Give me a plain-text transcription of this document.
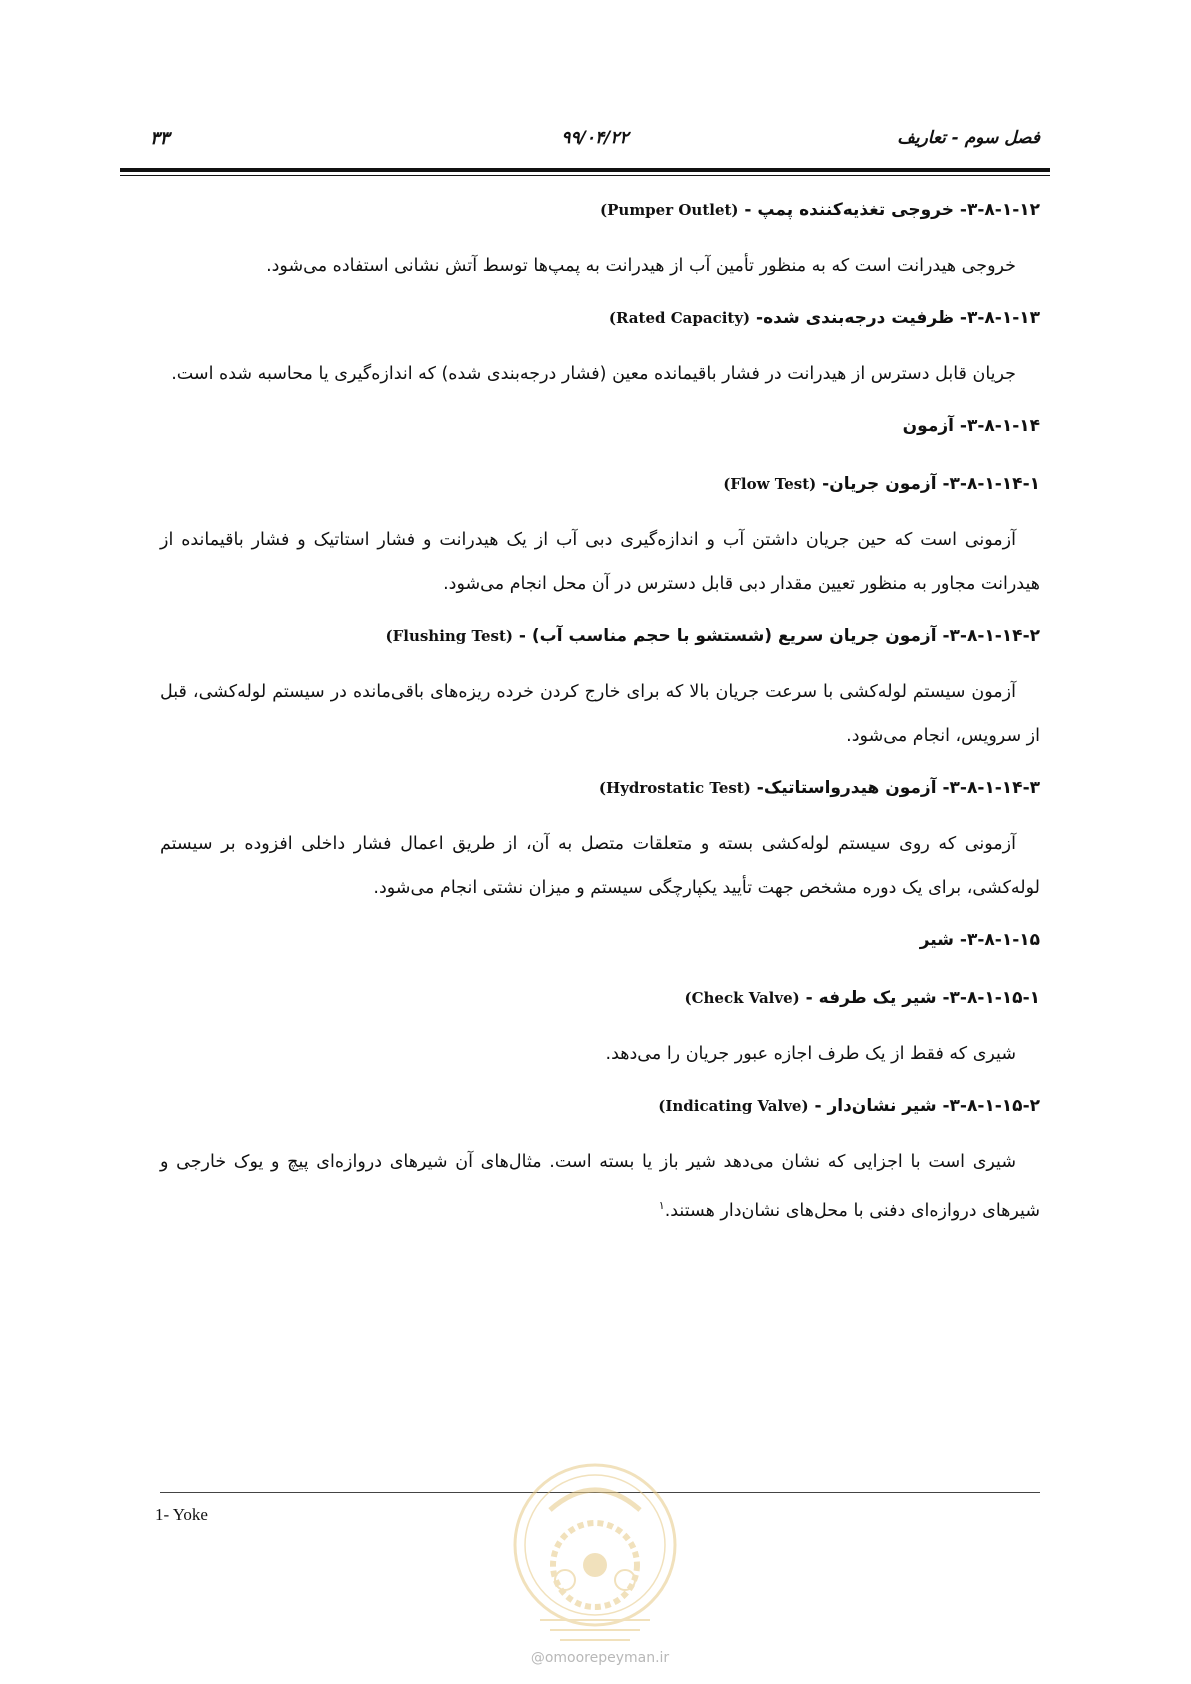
فصل سوم - تعاریف
۹۹/۰۴/۲۲
۳۳
۳-۸-۱-۱۲- خروجی تغذیه‌کننده پمپ - (Pumper Outlet)
خروجی هیدرانت است که به منظور تأمین آب از هیدرانت به پمپ‌ها توسط آتش نشانی استفاده می‌شود.
۳-۸-۱-۱۳- ظرفیت درجه‌بندی شده- (Rated Capacity)
جریان قابل دسترس از هیدرانت در فشار باقیمانده معین (فشار درجه‌بندی شده) که اندازه‌گیری یا محاسبه شده است.
۳-۸-۱-۱۴- آزمون
۳-۸-۱-۱۴-۱- آزمون جریان- (Flow Test)
آزمونی است که حین جریان داشتن آب و اندازه‌گیری دبی آب از یک هیدرانت و فشار استاتیک و فشار باقیمانده از هیدرانت مجاور به منظور تعیین مقدار دبی قابل دسترس در آن محل انجام می‌شود.
۳-۸-۱-۱۴-۲- آزمون جریان سریع (شستشو با حجم مناسب آب) - (Flushing Test)
آزمون سیستم لوله‌کشی با سرعت جریان بالا که برای خارج کردن خرده ریزه‌های باقی‌مانده در سیستم لوله‌کشی، قبل از سرویس، انجام می‌شود.
۳-۸-۱-۱۴-۳- آزمون هیدرواستاتیک- (Hydrostatic Test)
آزمونی که روی سیستم لوله‌کشی بسته و متعلقات متصل به آن، از طریق اعمال فشار داخلی افزوده بر سیستم لوله‌کشی، برای یک دوره مشخص جهت تأیید یکپارچگی سیستم و میزان نشتی انجام می‌شود.
۳-۸-۱-۱۵- شیر
۳-۸-۱-۱۵-۱- شیر یک طرفه - (Check Valve)
شیری که فقط از یک طرف اجازه عبور جریان را می‌دهد.
۳-۸-۱-۱۵-۲- شیر نشان‌دار - (Indicating Valve)
شیری است با اجزایی که نشان می‌دهد شیر باز یا بسته است. مثال‌های آن شیرهای دروازه‌ای پیچ و یوک خارجی و شیرهای دروازه‌ای دفنی با محل‌های نشان‌دار هستند.$^۱$
1- Yoke
@omoorepeyman.ir
